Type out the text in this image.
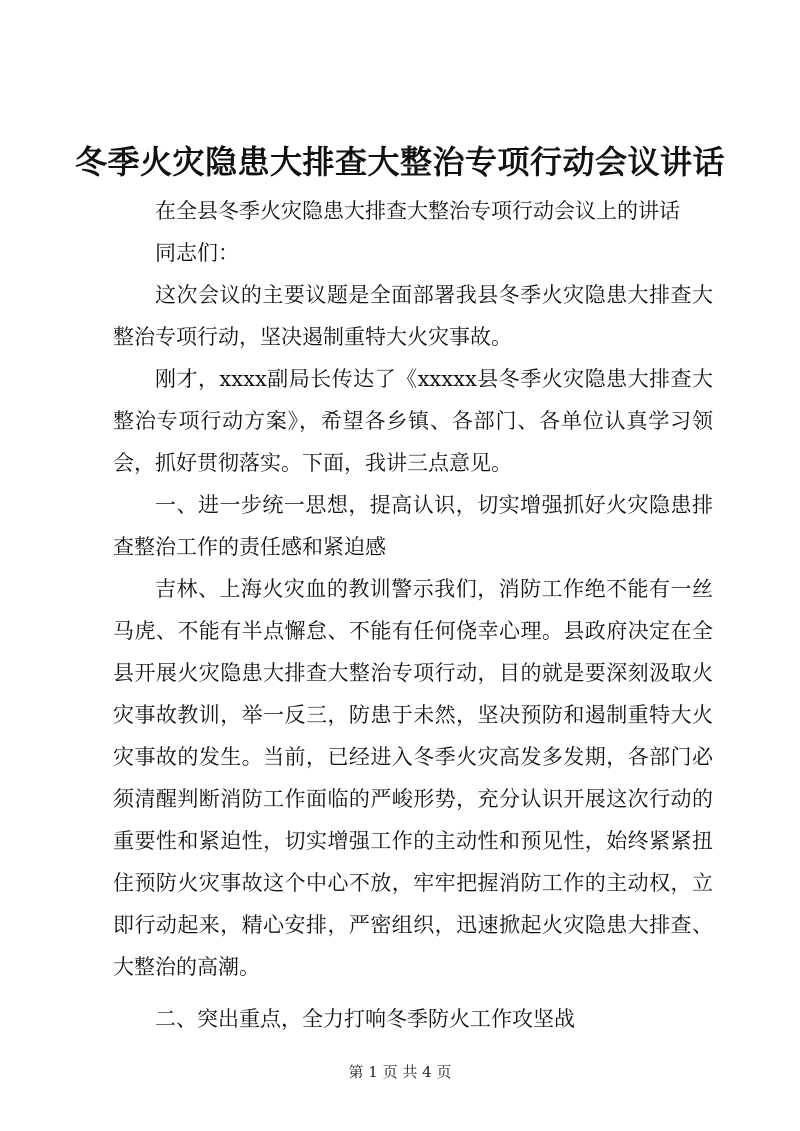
冬季火灾隐患大排查大整治专项行动会议讲话

在全县冬季火灾隐患大排查大整治专项行动会议上的讲话

同志们：

这次会议的主要议题是全面部署我县冬季火灾隐患大排查大整治专项行动，坚决遏制重特大火灾事故。

刚才，xxxx副局长传达了《xxxxx县冬季火灾隐患大排查大整治专项行动方案》，希望各乡镇、各部门、各单位认真学习领会，抓好贯彻落实。下面，我讲三点意见。

一、进一步统一思想，提高认识，切实增强抓好火灾隐患排查整治工作的责任感和紧迫感

吉林、上海火灾血的教训警示我们，消防工作绝不能有一丝马虎、不能有半点懈怠、不能有任何侥幸心理。县政府决定在全县开展火灾隐患大排查大整治专项行动，目的就是要深刻汲取火灾事故教训，举一反三，防患于未然，坚决预防和遏制重特大火灾事故的发生。当前，已经进入冬季火灾高发多发期，各部门必须清醒判断消防工作面临的严峻形势，充分认识开展这次行动的重要性和紧迫性，切实增强工作的主动性和预见性，始终紧紧扭住预防火灾事故这个中心不放，牢牢把握消防工作的主动权，立即行动起来，精心安排，严密组织，迅速掀起火灾隐患大排查、大整治的高潮。

二、突出重点，全力打响冬季防火工作攻坚战

第 1 页 共 4 页
